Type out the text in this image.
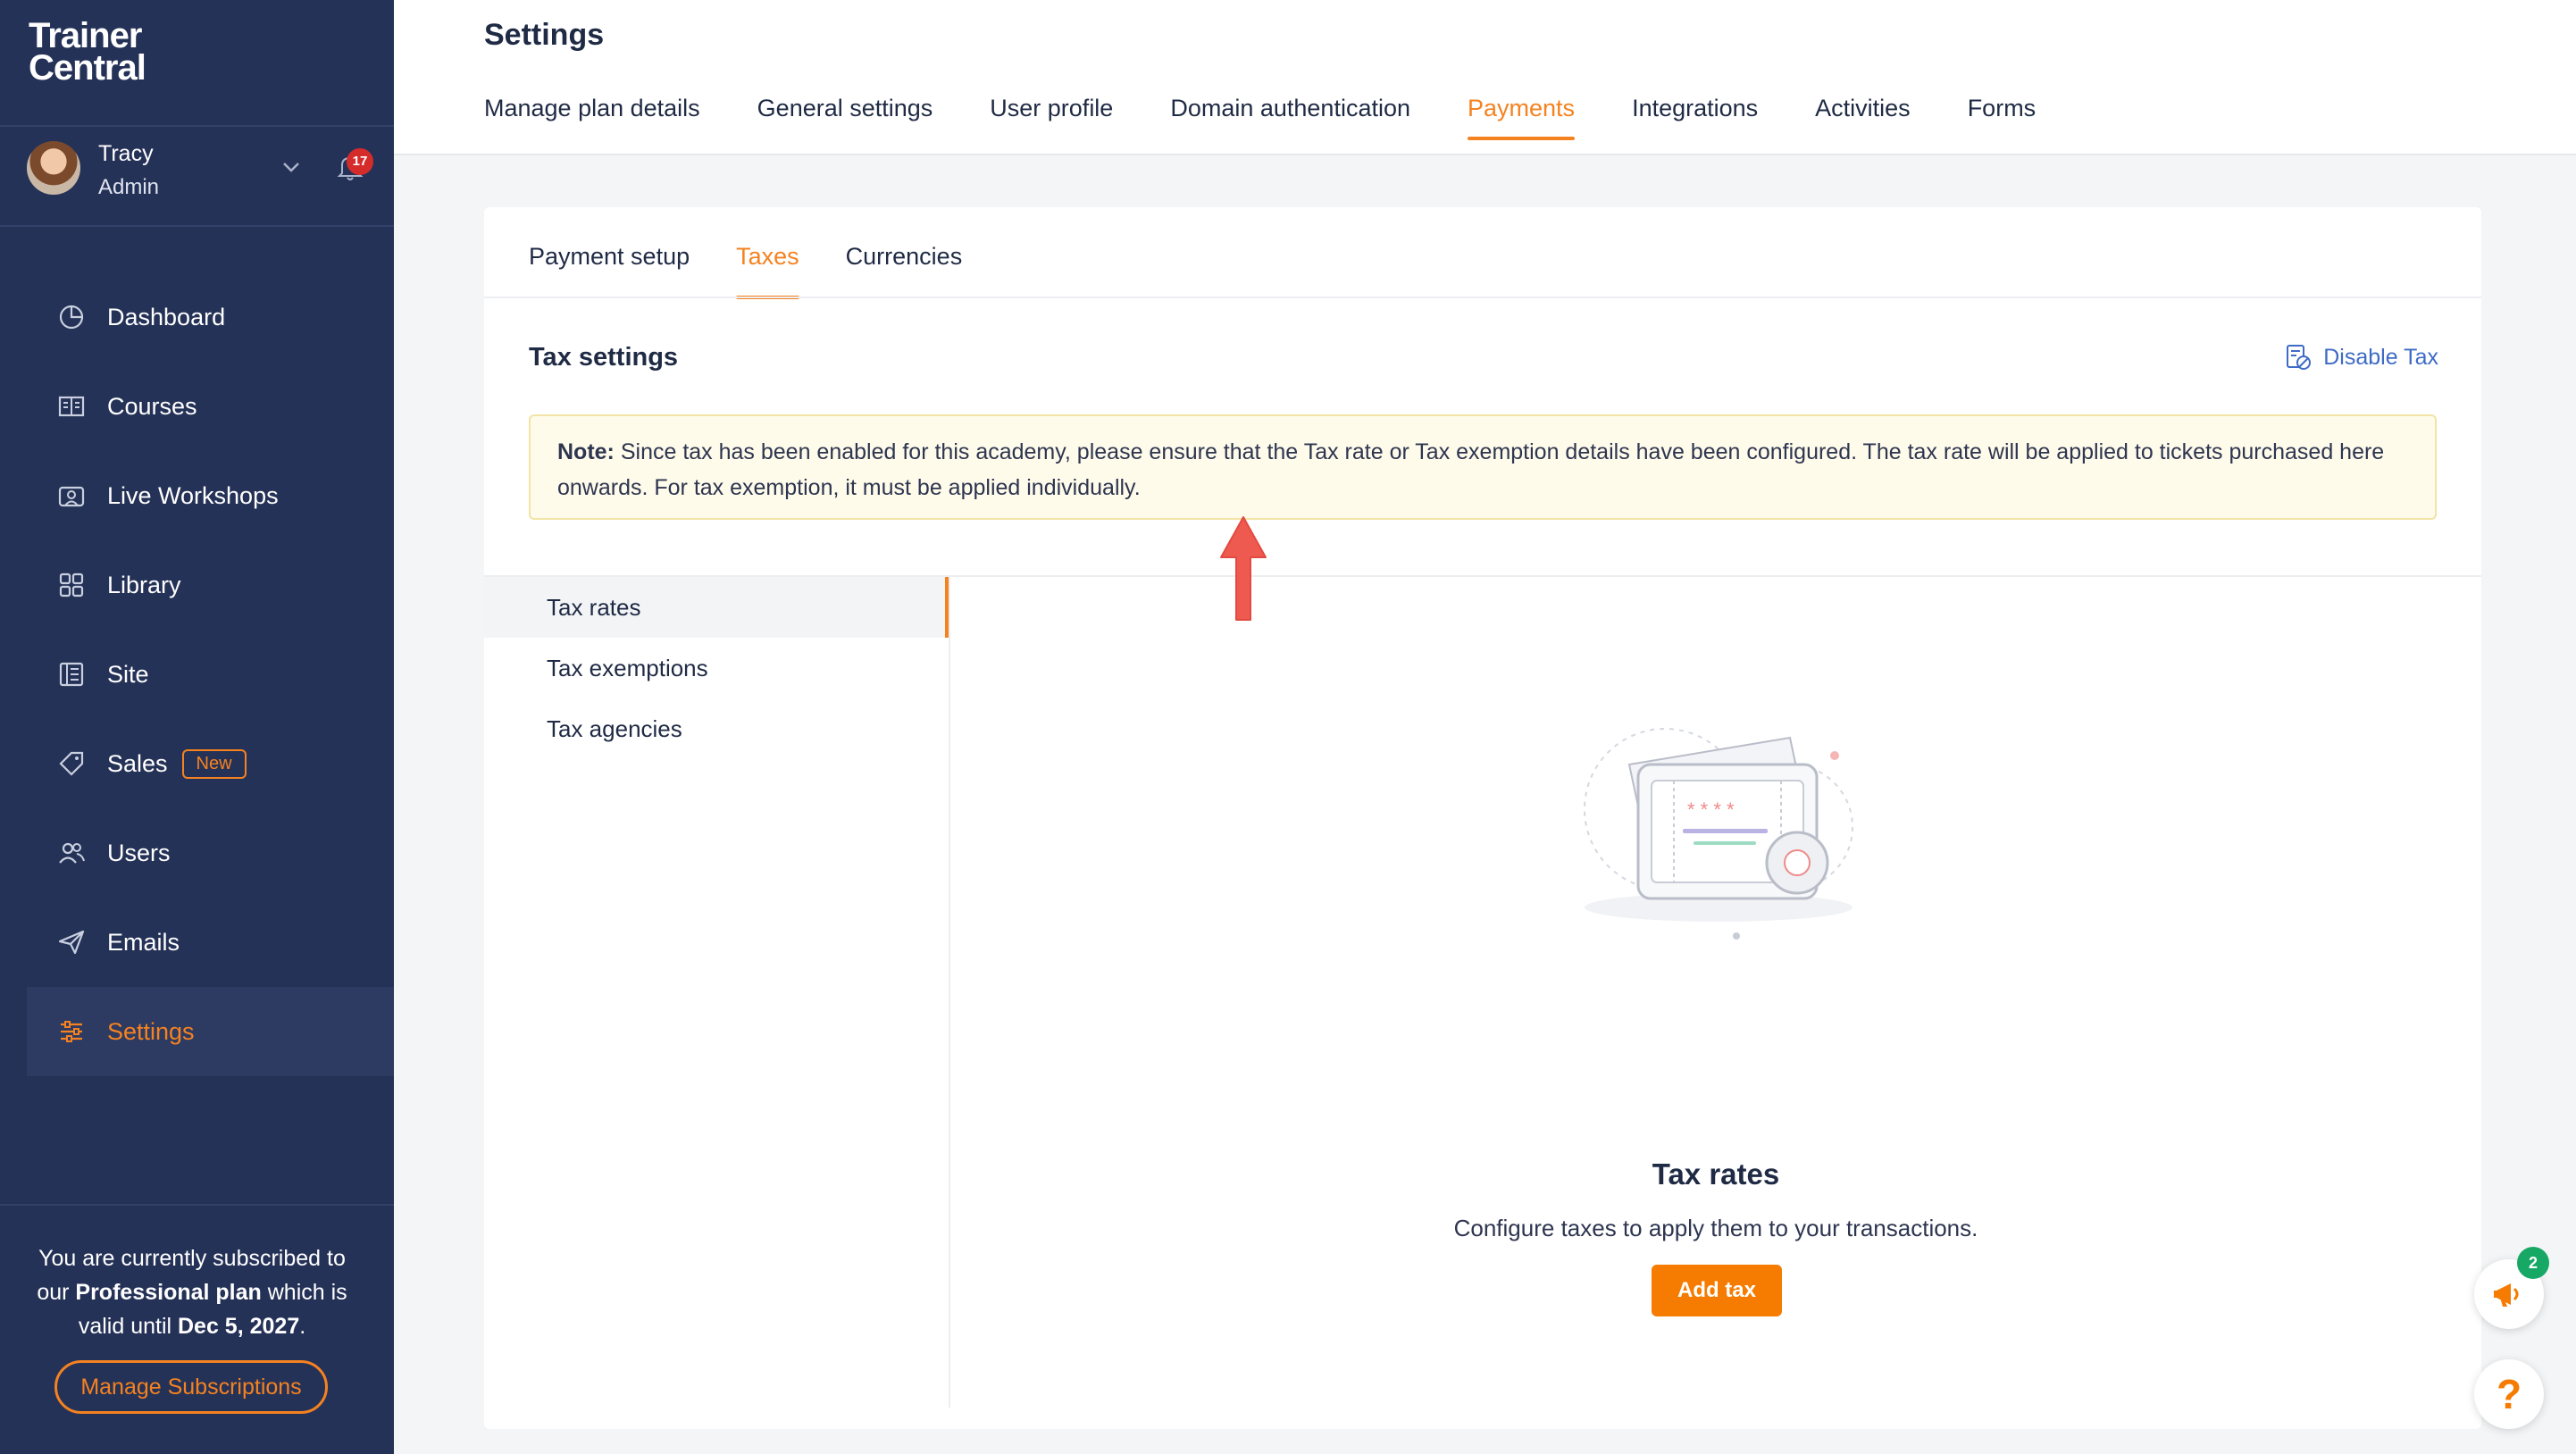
Trainer
Central
Tracy
Admin
17
Dashboard
Courses
Live Workshops
Library
Site
Sales	New
Users
Emails
Settings
You are currently subscribed to our Professional plan which is valid until Dec 5, 2027.
Manage Subscriptions
Settings
Manage plan details General settings User profile Domain authentication Payments Integrations Activities Forms
Payment setup Taxes Currencies
Tax settings	Disable Tax
Note: Since tax has been enabled for this academy, please ensure that the Tax rate or Tax exemption details have been configured. The tax rate will be applied to tickets purchased here onwards. For tax exemption, it must be applied individually.
Tax rates
Tax exemptions
Tax agencies
* * * *
Tax rates
Configure taxes to apply them to your transactions.
Add tax
2
?
